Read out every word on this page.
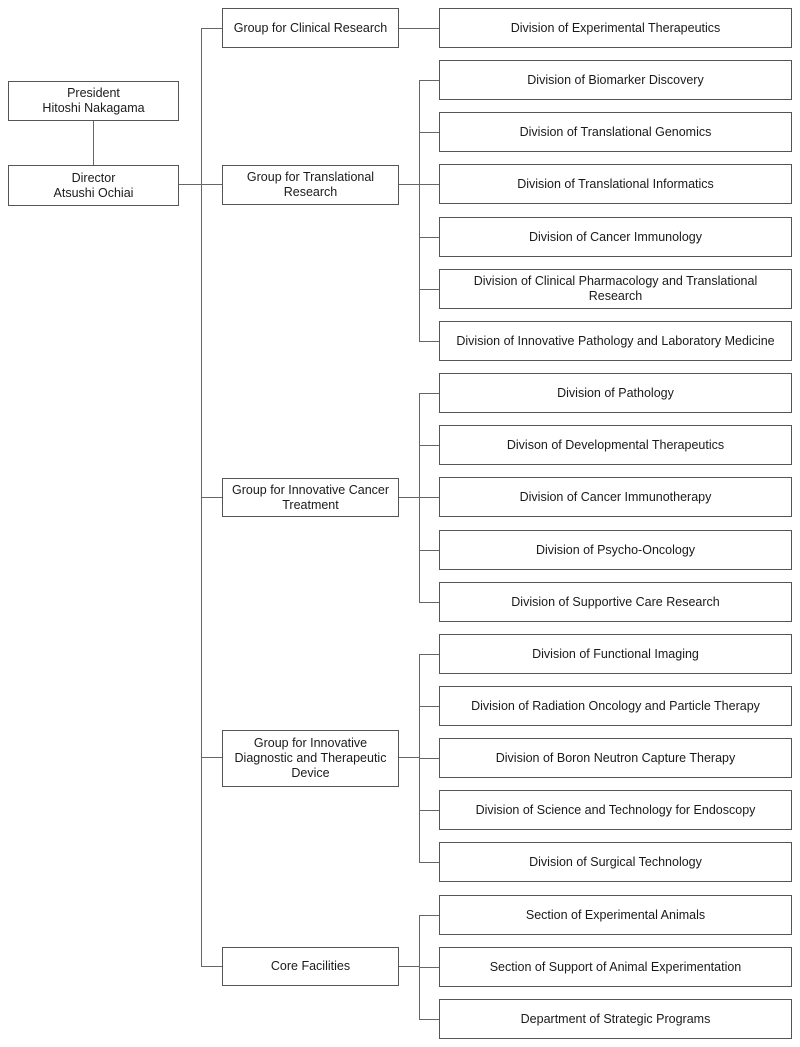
President
Hitoshi Nakagama
Director
Atsushi Ochiai
Group for Clinical Research	Division of Experimental Therapeutics
Group for Translational Research
Division of Biomarker Discovery
Division of Translational Genomics
Division of Translational Informatics
Division of Cancer Immunology
Division of Clinical Pharmacology and Translational Research
Division of Innovative Pathology and Laboratory Medicine
Group for Innovative Cancer Treatment
Division of Pathology
Divison of Developmental Therapeutics
Division of Cancer Immunotherapy
Division of Psycho-Oncology
Division of Supportive Care Research
Group for Innovative Diagnostic and Therapeutic Device
Division of Functional Imaging
Division of Radiation Oncology and Particle Therapy
Division of Boron Neutron Capture Therapy
Division of Science and Technology for Endoscopy
Division of Surgical Technology
Core Facilities
Section of Experimental Animals
Section of Support of Animal Experimentation
Department of Strategic Programs
